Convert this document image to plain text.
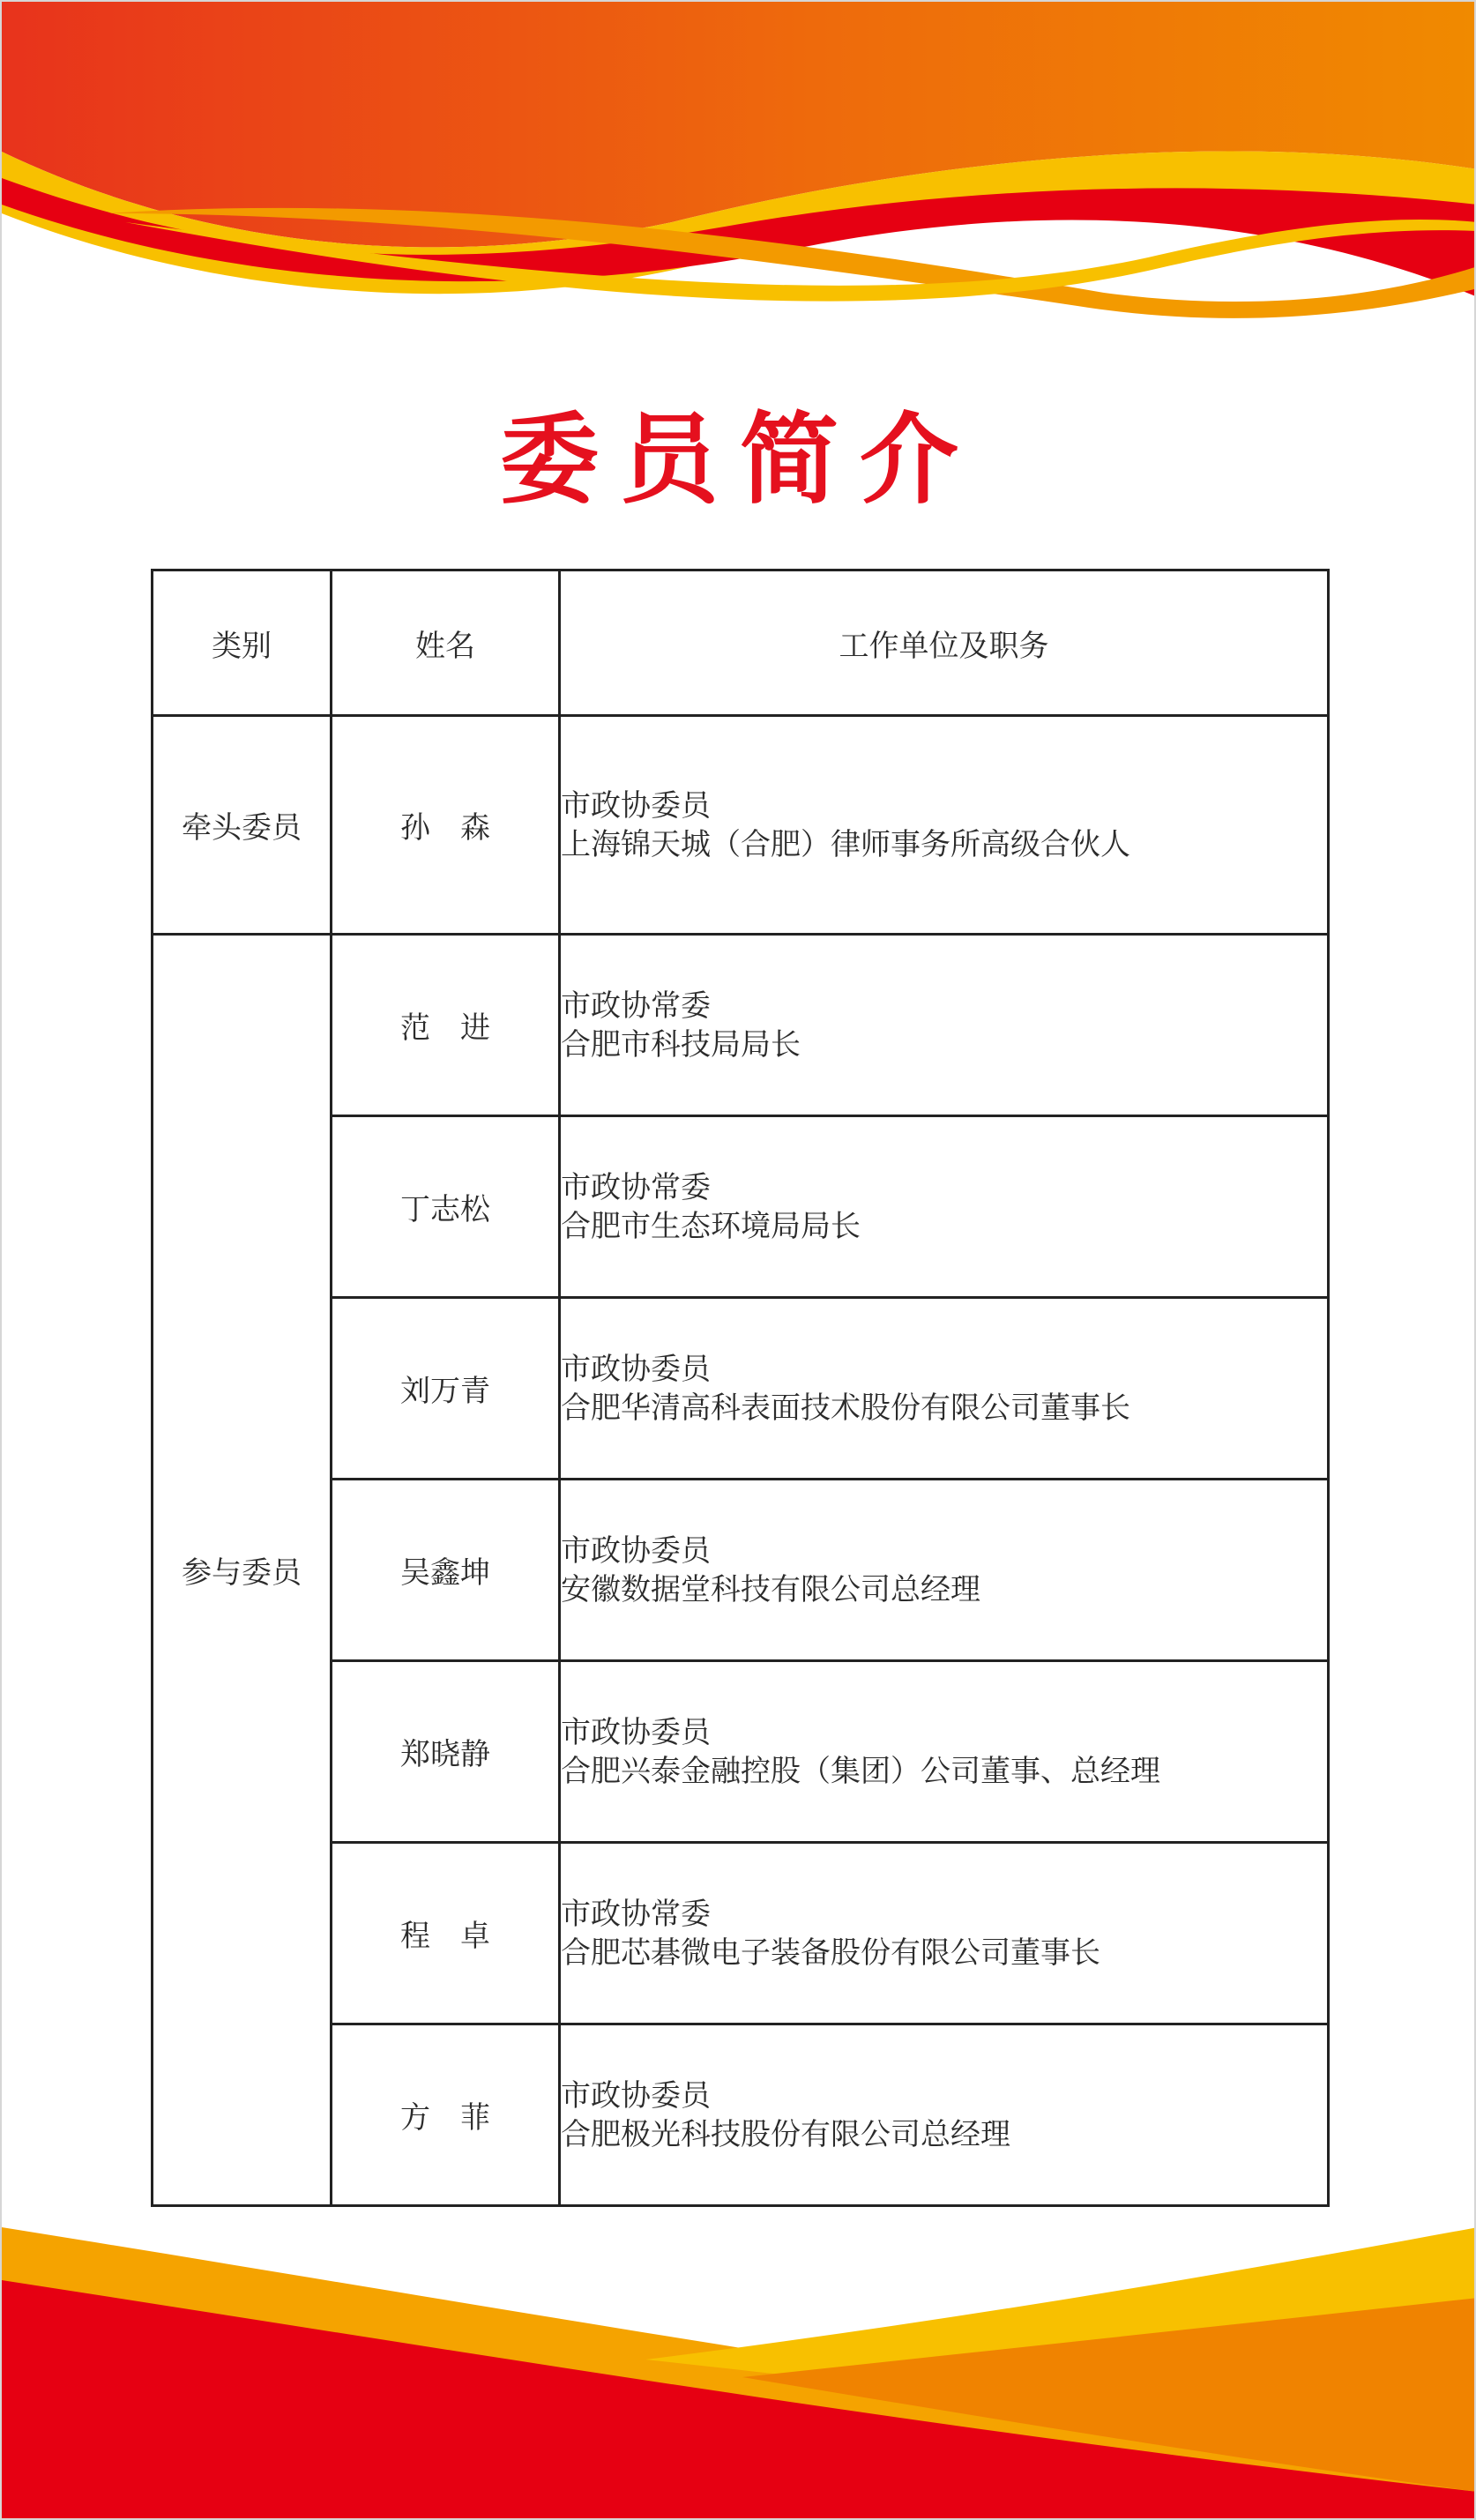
委员简介
类别	姓名	工作单位及职务
牵头委员	孙　森	市政协委员
上海锦天城（合肥）律师事务所高级合伙人

参与委员	范　进	市政协常委
合肥市科技局局长

	丁志松	市政协常委
合肥市生态环境局局长

	刘万青	市政协委员
合肥华清高科表面技术股份有限公司董事长

	吴鑫坤	市政协委员
安徽数据堂科技有限公司总经理

	郑晓静	市政协委员
合肥兴泰金融控股（集团）公司董事、总经理

	程　卓	市政协常委
合肥芯碁微电子装备股份有限公司董事长

	方　菲	市政协委员
合肥极光科技股份有限公司总经理
